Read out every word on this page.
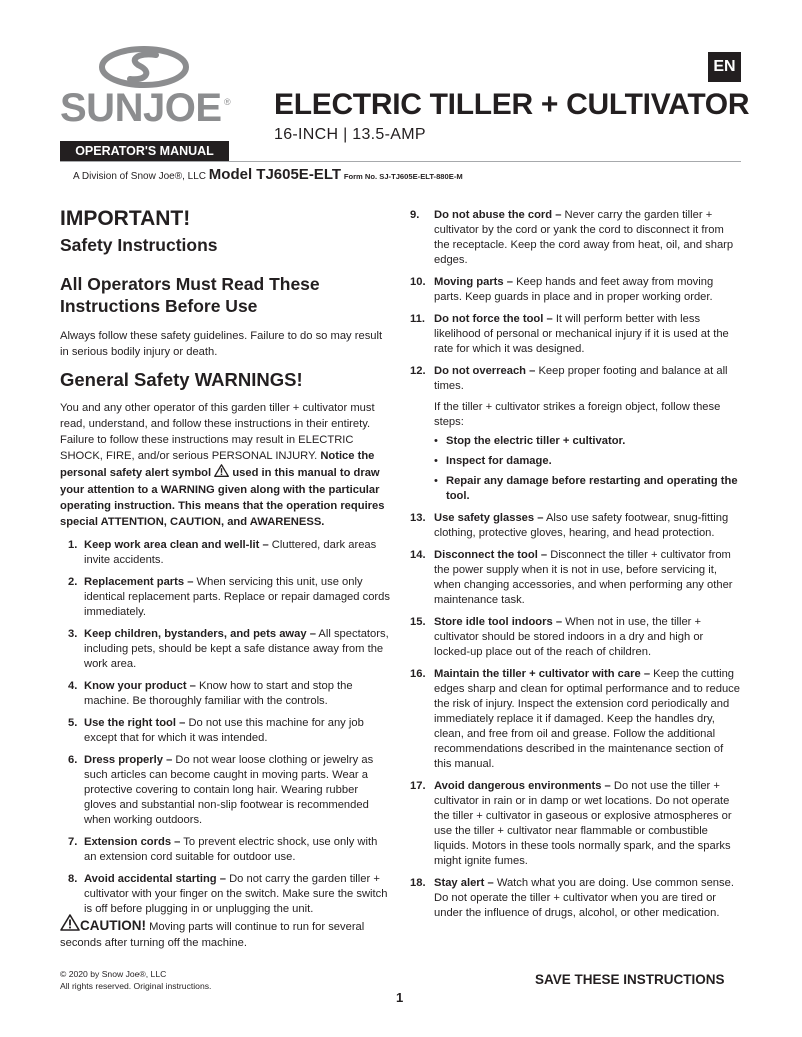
SUNJOE ®
OPERATOR'S MANUAL
EN
ELECTRIC TILLER + CULTIVATOR
16-INCH | 13.5-AMP
A Division of Snow Joe®, LLC Model TJ605E-ELT Form No. SJ-TJ605E-ELT-880E-M
IMPORTANT!
Safety Instructions
All Operators Must Read These Instructions Before Use

Always follow these safety guidelines. Failure to do so may result in serious bodily injury or death.

General Safety WARNINGS!

You and any other operator of this garden tiller + cultivator must read, understand, and follow these instructions in their entirety. Failure to follow these instructions may result in ELECTRIC SHOCK, FIRE, and/or serious PERSONAL INJURY. Notice the personal safety alert symbol used in this manual to draw your attention to a WARNING given along with the particular operating instruction. This means that the operation requires special ATTENTION, CAUTION, and AWARENESS.

1. Keep work area clean and well-lit – Cluttered, dark areas invite accidents.
2. Replacement parts – When servicing this unit, use only identical replacement parts. Replace or repair damaged cords immediately.
3. Keep children, bystanders, and pets away – All spectators, including pets, should be kept a safe distance away from the work area.
4. Know your product – Know how to start and stop the machine. Be thoroughly familiar with the controls.
5. Use the right tool – Do not use this machine for any job except that for which it was intended.
6. Dress properly – Do not wear loose clothing or jewelry as such articles can become caught in moving parts. Wear a protective covering to contain long hair. Wearing rubber gloves and substantial non-slip footwear is recommended when working outdoors.
7. Extension cords – To prevent electric shock, use only with an extension cord suitable for outdoor use.
8. Avoid accidental starting – Do not carry the garden tiller + cultivator with your finger on the switch. Make sure the switch is off before plugging in or unplugging the unit.
CAUTION! Moving parts will continue to run for several seconds after turning off the machine.
9. Do not abuse the cord – Never carry the garden tiller + cultivator by the cord or yank the cord to disconnect it from the receptacle. Keep the cord away from heat, oil, and sharp edges.
10. Moving parts – Keep hands and feet away from moving parts. Keep guards in place and in proper working order.
11. Do not force the tool – It will perform better with less likelihood of personal or mechanical injury if it is used at the rate for which it was designed.
12. Do not overreach – Keep proper footing and balance at all times.

If the tiller + cultivator strikes a foreign object, follow these steps:

• Stop the electric tiller + cultivator.
• Inspect for damage.
• Repair any damage before restarting and operating the tool.
13. Use safety glasses – Also use safety footwear, snug-fitting clothing, protective gloves, hearing, and head protection.
14. Disconnect the tool – Disconnect the tiller + cultivator from the power supply when it is not in use, before servicing it, when changing accessories, and when performing any other maintenance task.
15. Store idle tool indoors – When not in use, the tiller + cultivator should be stored indoors in a dry and high or locked-up place out of the reach of children.
16. Maintain the tiller + cultivator with care – Keep the cutting edges sharp and clean for optimal performance and to reduce the risk of injury. Inspect the extension cord periodically and immediately replace it if damaged. Keep the handles dry, clean, and free from oil and grease. Follow the additional recommendations described in the maintenance section of this manual.
17. Avoid dangerous environments – Do not use the tiller + cultivator in rain or in damp or wet locations. Do not operate the tiller + cultivator in gaseous or explosive atmospheres or use the tiller + cultivator near flammable or combustible liquids. Motors in these tools normally spark, and the sparks might ignite fumes.
18. Stay alert – Watch what you are doing. Use common sense. Do not operate the tiller + cultivator when you are tired or under the influence of drugs, alcohol, or other medication.
© 2020 by Snow Joe®, LLC
All rights reserved. Original instructions.	SAVE THESE INSTRUCTIONS
1
